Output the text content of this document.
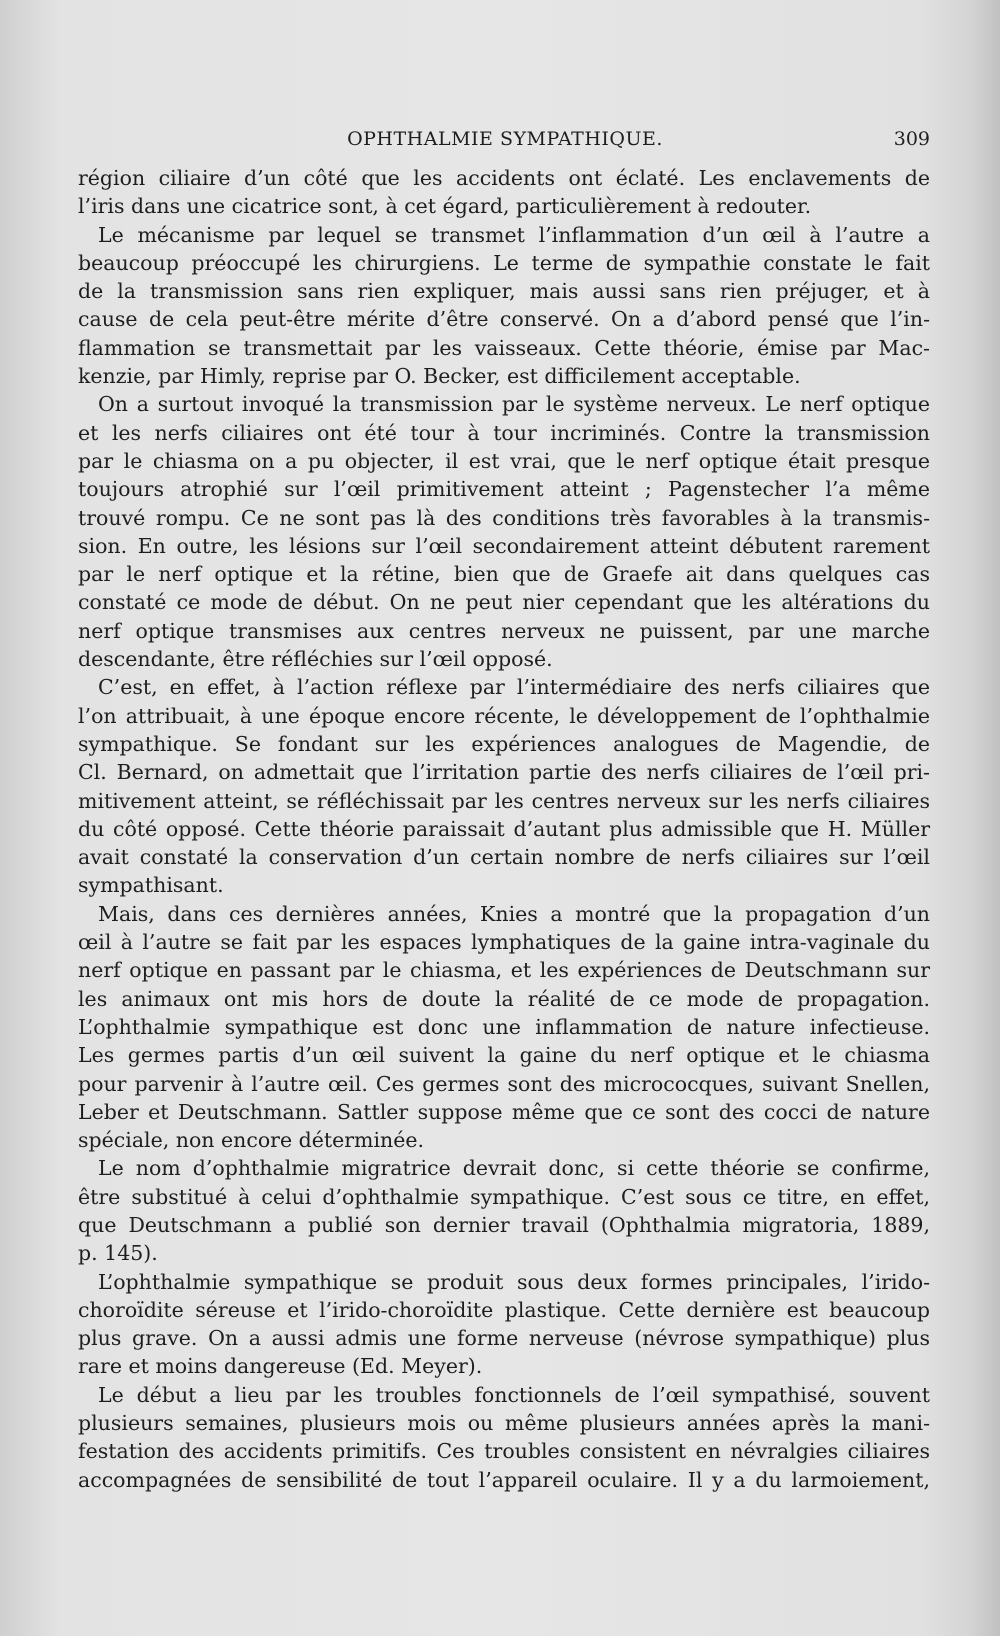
OPHTHALMIE SYMPATHIQUE.	309
région ciliaire d’un côté que les accidents ont éclaté. Les enclavements de
l’iris dans une cicatrice sont, à cet égard, particulièrement à redouter.
Le mécanisme par lequel se transmet l’inflammation d’un œil à l’autre a
beaucoup préoccupé les chirurgiens. Le terme de sympathie constate le fait
de la transmission sans rien expliquer, mais aussi sans rien préjuger, et à
cause de cela peut-être mérite d’être conservé. On a d’abord pensé que l’in-
flammation se transmettait par les vaisseaux. Cette théorie, émise par Mac-
kenzie, par Himly, reprise par O. Becker, est difficilement acceptable.
On a surtout invoqué la transmission par le système nerveux. Le nerf optique
et les nerfs ciliaires ont été tour à tour incriminés. Contre la transmission
par le chiasma on a pu objecter, il est vrai, que le nerf optique était presque
toujours atrophié sur l’œil primitivement atteint ; Pagenstecher l’a même
trouvé rompu. Ce ne sont pas là des conditions très favorables à la transmis-
sion. En outre, les lésions sur l’œil secondairement atteint débutent rarement
par le nerf optique et la rétine, bien que de Graefe ait dans quelques cas
constaté ce mode de début. On ne peut nier cependant que les altérations du
nerf optique transmises aux centres nerveux ne puissent, par une marche
descendante, être réfléchies sur l’œil opposé.
C’est, en effet, à l’action réflexe par l’intermédiaire des nerfs ciliaires que
l’on attribuait, à une époque encore récente, le développement de l’ophthalmie
sympathique. Se fondant sur les expériences analogues de Magendie, de
Cl. Bernard, on admettait que l’irritation partie des nerfs ciliaires de l’œil pri-
mitivement atteint, se réfléchissait par les centres nerveux sur les nerfs ciliaires
du côté opposé. Cette théorie paraissait d’autant plus admissible que H. Müller
avait constaté la conservation d’un certain nombre de nerfs ciliaires sur l’œil
sympathisant.
Mais, dans ces dernières années, Knies a montré que la propagation d’un
œil à l’autre se fait par les espaces lymphatiques de la gaine intra-vaginale du
nerf optique en passant par le chiasma, et les expériences de Deutschmann sur
les animaux ont mis hors de doute la réalité de ce mode de propagation.
L’ophthalmie sympathique est donc une inflammation de nature infectieuse.
Les germes partis d’un œil suivent la gaine du nerf optique et le chiasma
pour parvenir à l’autre œil. Ces germes sont des micrococques, suivant Snellen,
Leber et Deutschmann. Sattler suppose même que ce sont des cocci de nature
spéciale, non encore déterminée.
Le nom d’ophthalmie migratrice devrait donc, si cette théorie se confirme,
être substitué à celui d’ophthalmie sympathique. C’est sous ce titre, en effet,
que Deutschmann a publié son dernier travail (Ophthalmia migratoria, 1889,
p. 145).
L’ophthalmie sympathique se produit sous deux formes principales, l’irido-
choroïdite séreuse et l’irido-choroïdite plastique. Cette dernière est beaucoup
plus grave. On a aussi admis une forme nerveuse (névrose sympathique) plus
rare et moins dangereuse (Ed. Meyer).
Le début a lieu par les troubles fonctionnels de l’œil sympathisé, souvent
plusieurs semaines, plusieurs mois ou même plusieurs années après la mani-
festation des accidents primitifs. Ces troubles consistent en névralgies ciliaires
accompagnées de sensibilité de tout l’appareil oculaire. Il y a du larmoiement,
